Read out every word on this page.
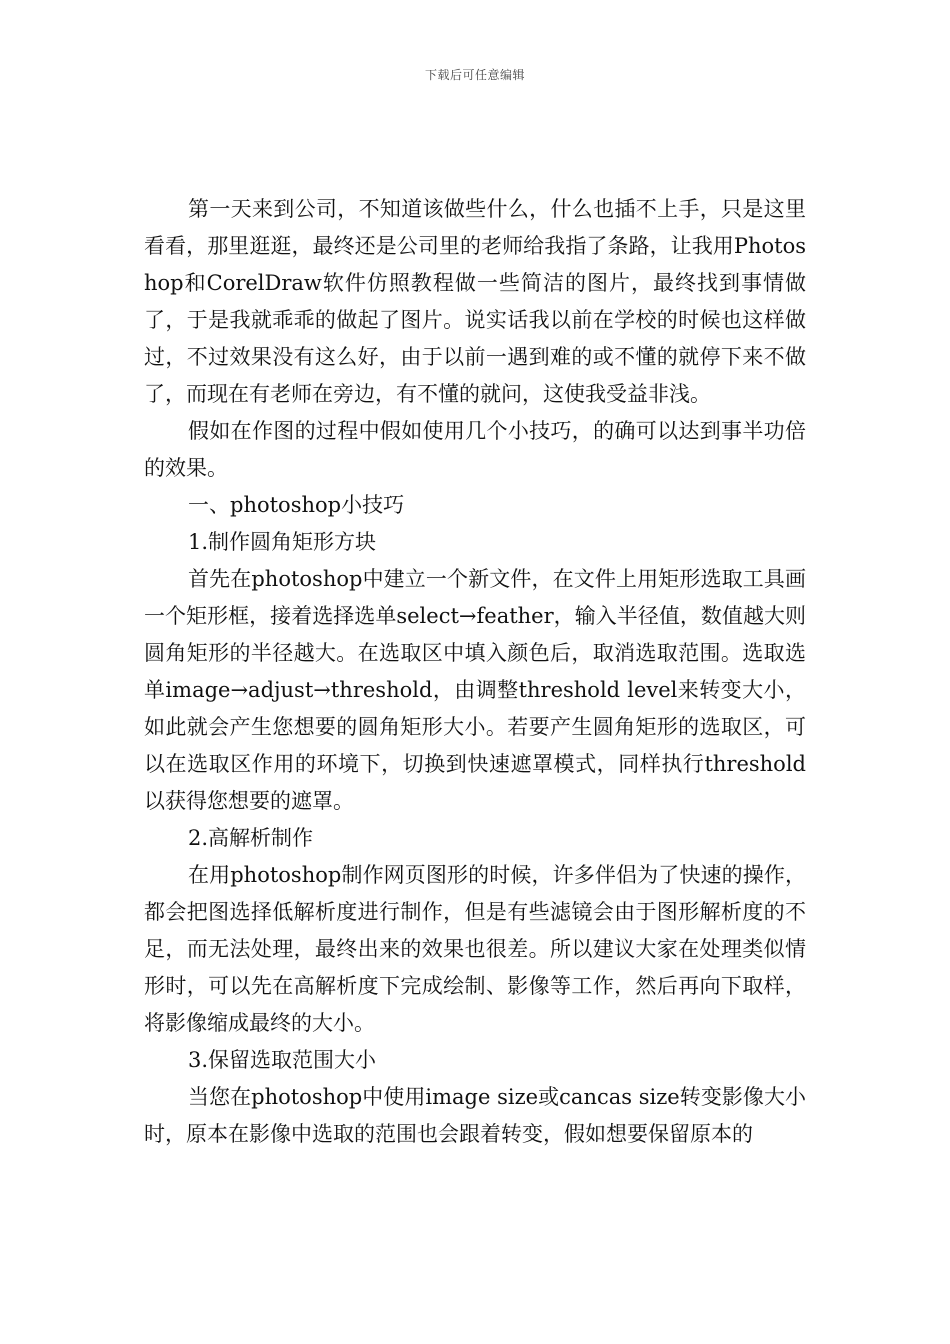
下载后可任意编辑

第一天来到公司，不知道该做些什么，什么也插不上手，只是这里看看，那里逛逛，最终还是公司里的老师给我指了条路，让我用Photoshop和CorelDraw软件仿照教程做一些简洁的图片，最终找到事情做了，于是我就乖乖的做起了图片。说实话我以前在学校的时候也这样做过，不过效果没有这么好，由于以前一遇到难的或不懂的就停下来不做了，而现在有老师在旁边，有不懂的就问，这使我受益非浅。

假如在作图的过程中假如使用几个小技巧，的确可以达到事半功倍的效果。

一、photoshop小技巧

1.制作圆角矩形方块

首先在photoshop中建立一个新文件，在文件上用矩形选取工具画一个矩形框，接着选择选单select→feather，输入半径值，数值越大则圆角矩形的半径越大。在选取区中填入颜色后，取消选取范围。选取选单image→adjust→threshold，由调整threshold level来转变大小，如此就会产生您想要的圆角矩形大小。若要产生圆角矩形的选取区，可以在选取区作用的环境下，切换到快速遮罩模式，同样执行threshold以获得您想要的遮罩。

2.高解析制作

在用photoshop制作网页图形的时候，许多伴侣为了快速的操作，都会把图选择低解析度进行制作，但是有些滤镜会由于图形解析度的不足，而无法处理，最终出来的效果也很差。所以建议大家在处理类似情形时，可以先在高解析度下完成绘制、影像等工作，然后再向下取样，将影像缩成最终的大小。

3.保留选取范围大小

当您在photoshop中使用image size或cancas size转变影像大小时，原本在影像中选取的范围也会跟着转变，假如想要保留原本的
